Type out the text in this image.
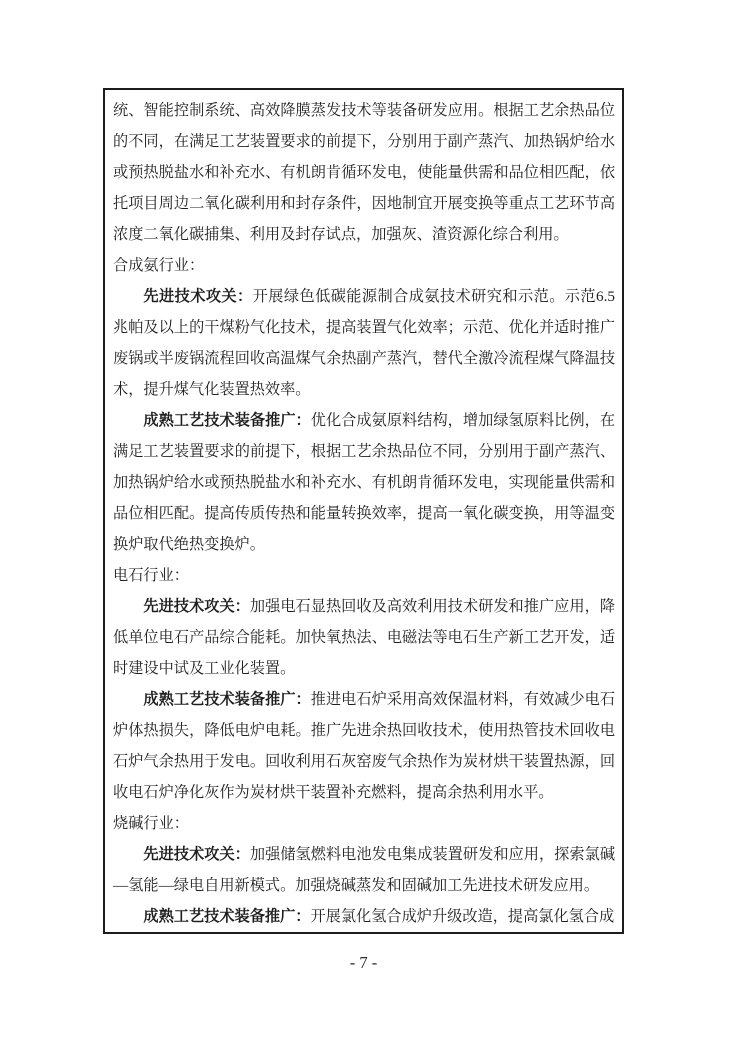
统、智能控制系统、高效降膜蒸发技术等装备研发应用。根据工艺余热品位的不同，在满足工艺装置要求的前提下，分别用于副产蒸汽、加热锅炉给水或预热脱盐水和补充水、有机朗肯循环发电，使能量供需和品位相匹配，依托项目周边二氧化碳利用和封存条件，因地制宜开展变换等重点工艺环节高浓度二氧化碳捕集、利用及封存试点，加强灰、渣资源化综合利用。

合成氨行业：

先进技术攻关：开展绿色低碳能源制合成氨技术研究和示范。示范6.5兆帕及以上的干煤粉气化技术，提高装置气化效率；示范、优化并适时推广废锅或半废锅流程回收高温煤气余热副产蒸汽，替代全激冷流程煤气降温技术，提升煤气化装置热效率。

成熟工艺技术装备推广：优化合成氨原料结构，增加绿氢原料比例，在满足工艺装置要求的前提下，根据工艺余热品位不同，分别用于副产蒸汽、加热锅炉给水或预热脱盐水和补充水、有机朗肯循环发电，实现能量供需和品位相匹配。提高传质传热和能量转换效率，提高一氧化碳变换，用等温变换炉取代绝热变换炉。

电石行业：

先进技术攻关：加强电石显热回收及高效利用技术研发和推广应用，降低单位电石产品综合能耗。加快氧热法、电磁法等电石生产新工艺开发，适时建设中试及工业化装置。

成熟工艺技术装备推广：推进电石炉采用高效保温材料，有效减少电石炉体热损失，降低电炉电耗。推广先进余热回收技术，使用热管技术回收电石炉气余热用于发电。回收利用石灰窑废气余热作为炭材烘干装置热源，回收电石炉净化灰作为炭材烘干装置补充燃料，提高余热利用水平。

烧碱行业：

先进技术攻关：加强储氢燃料电池发电集成装置研发和应用，探索氯碱—氢能—绿电自用新模式。加强烧碱蒸发和固碱加工先进技术研发应用。

成熟工艺技术装备推广：开展氯化氢合成炉升级改造，提高氯化氢合成

- 7 -
